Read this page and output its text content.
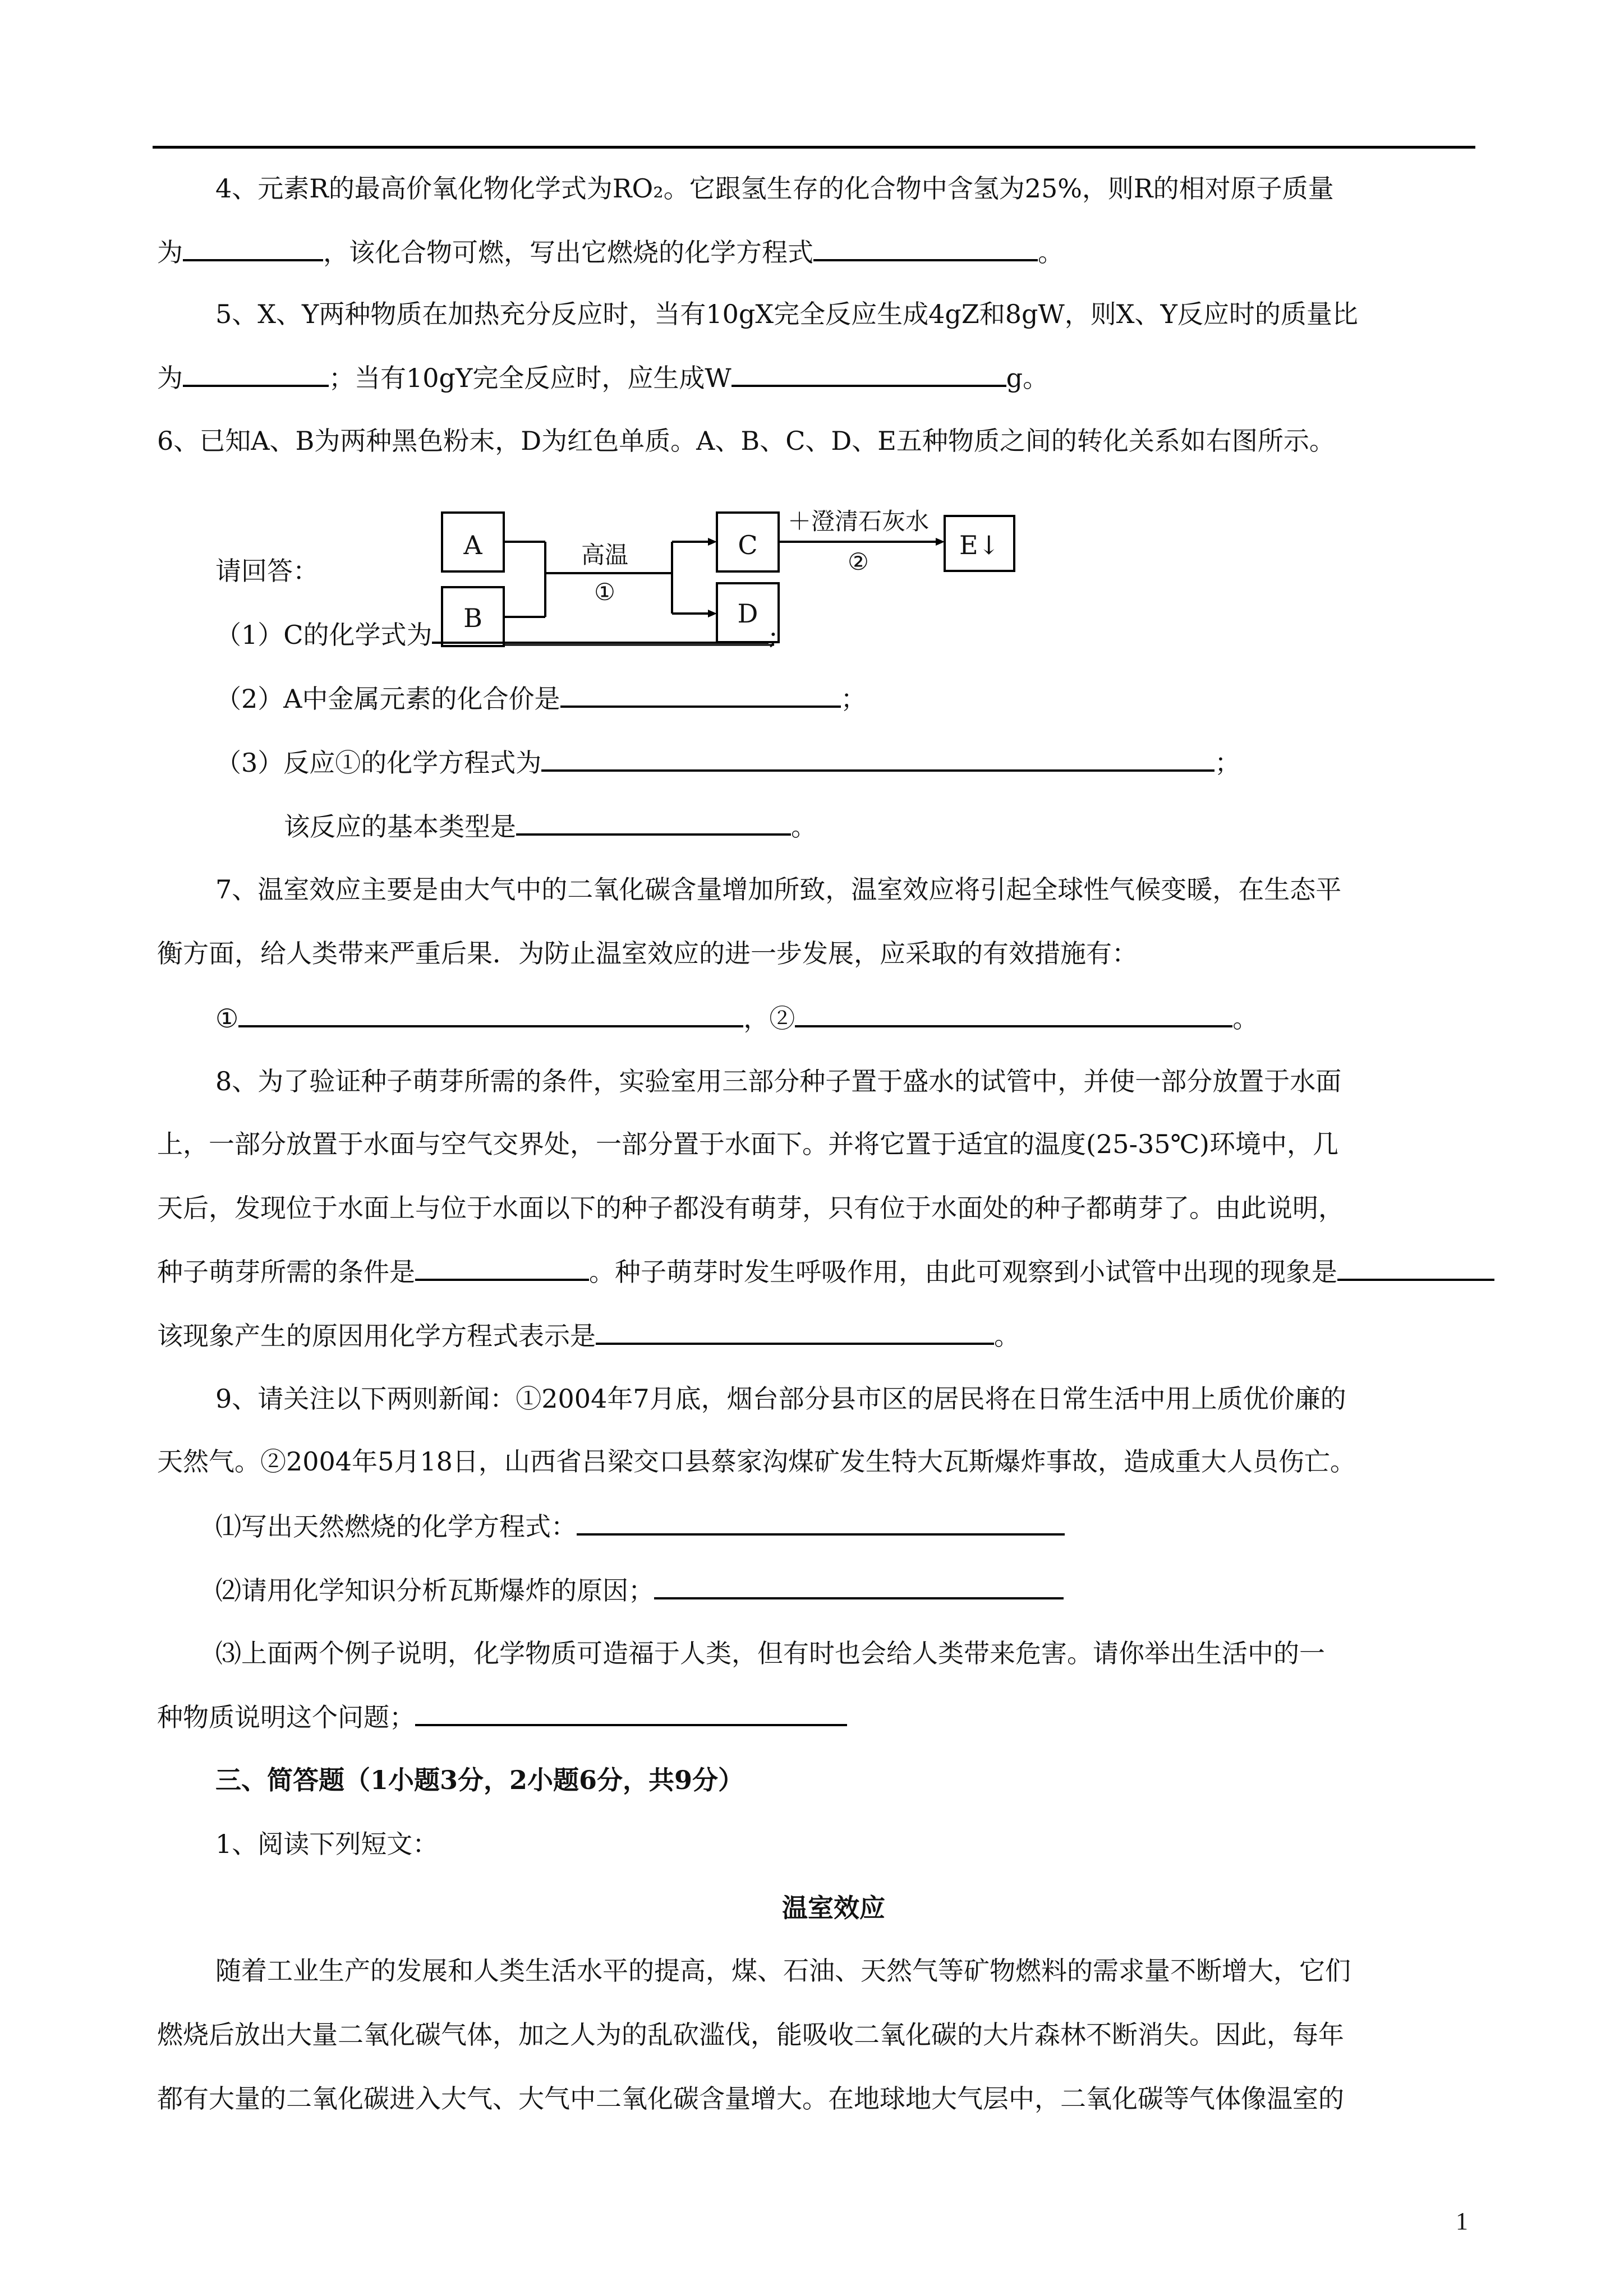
4、元素R的最高价氧化物化学式为RO₂。它跟氢生存的化合物中含氢为25%，则R的相对原子质量
为	，该化合物可燃，写出它燃烧的化学方程式	。
5、X、Y两种物质在加热充分反应时，当有10gX完全反应生成4gZ和8gW，则X、Y反应时的质量比
为	；当有10gY完全反应时，应生成W	g。
6、已知A、B为两种黑色粉末，D为红色单质。A、B、C、D、E五种物质之间的转化关系如右图所示。
请回答：
（1）C的化学式为	;
（2）A中金属元素的化合价是	；
（3）反应①的化学方程式为	；
该反应的基本类型是	。
A
B
C
D
E↓
高温
①
＋澄清石灰水
②
7、温室效应主要是由大气中的二氧化碳含量增加所致，温室效应将引起全球性气候变暖，在生态平
衡方面，给人类带来严重后果．为防止温室效应的进一步发展，应采取的有效措施有：
①	，②	。
8、为了验证种子萌芽所需的条件，实验室用三部分种子置于盛水的试管中，并使一部分放置于水面
上，一部分放置于水面与空气交界处，一部分置于水面下。并将它置于适宜的温度(25-35℃)环境中，几
天后，发现位于水面上与位于水面以下的种子都没有萌芽，只有位于水面处的种子都萌芽了。由此说明，
种子萌芽所需的条件是	。种子萌芽时发生呼吸作用，由此可观察到小试管中出现的现象是
该现象产生的原因用化学方程式表示是	。
9、请关注以下两则新闻：①2004年7月底，烟台部分县市区的居民将在日常生活中用上质优价廉的
天然气。②2004年5月18日，山西省吕梁交口县蔡家沟煤矿发生特大瓦斯爆炸事故，造成重大人员伤亡。
⑴写出天然燃烧的化学方程式：
⑵请用化学知识分析瓦斯爆炸的原因；
⑶上面两个例子说明，化学物质可造福于人类，但有时也会给人类带来危害。请你举出生活中的一
种物质说明这个问题；
三、简答题（1小题3分，2小题6分，共9分）
1、阅读下列短文：
温室效应
随着工业生产的发展和人类生活水平的提高，煤、石油、天然气等矿物燃料的需求量不断增大，它们
燃烧后放出大量二氧化碳气体，加之人为的乱砍滥伐，能吸收二氧化碳的大片森林不断消失。因此，每年
都有大量的二氧化碳进入大气、大气中二氧化碳含量增大。在地球地大气层中，二氧化碳等气体像温室的
1
